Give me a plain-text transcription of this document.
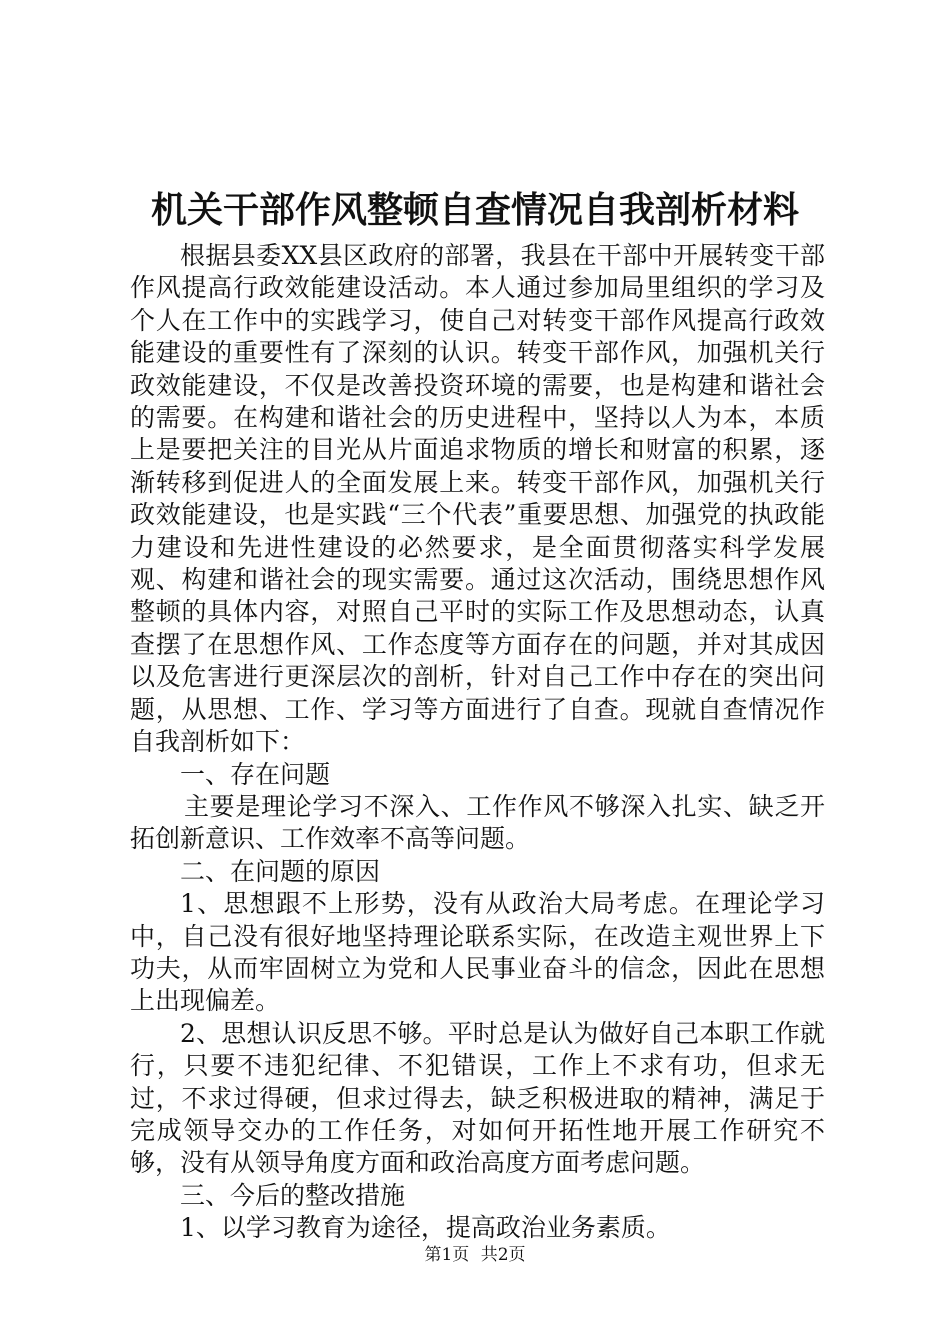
机关干部作风整顿自查情况自我剖析材料

根据县委XX县区政府的部署，我县在干部中开展转变干部作风提高行政效能建设活动。本人通过参加局里组织的学习及个人在工作中的实践学习，使自己对转变干部作风提高行政效能建设的重要性有了深刻的认识。转变干部作风，加强机关行政效能建设，不仅是改善投资环境的需要，也是构建和谐社会的需要。在构建和谐社会的历史进程中，坚持以人为本，本质上是要把关注的目光从片面追求物质的增长和财富的积累，逐渐转移到促进人的全面发展上来。转变干部作风，加强机关行政效能建设，也是实践“三个代表”重要思想、加强党的执政能力建设和先进性建设的必然要求，是全面贯彻落实科学发展观、构建和谐社会的现实需要。通过这次活动，围绕思想作风整顿的具体内容，对照自己平时的实际工作及思想动态，认真查摆了在思想作风、工作态度等方面存在的问题，并对其成因以及危害进行更深层次的剖析，针对自己工作中存在的突出问题，从思想、工作、学习等方面进行了自查。现就自查情况作自我剖析如下：

一、存在问题

主要是理论学习不深入、工作作风不够深入扎实、缺乏开拓创新意识、工作效率不高等问题。

二、在问题的原因

1、思想跟不上形势，没有从政治大局考虑。在理论学习中，自己没有很好地坚持理论联系实际，在改造主观世界上下功夫，从而牢固树立为党和人民事业奋斗的信念，因此在思想上出现偏差。

2、思想认识反思不够。平时总是认为做好自己本职工作就行，只要不违犯纪律、不犯错误，工作上不求有功，但求无过，不求过得硬，但求过得去，缺乏积极进取的精神，满足于完成领导交办的工作任务，对如何开拓性地开展工作研究不够，没有从领导角度方面和政治高度方面考虑问题。

三、今后的整改措施

1、以学习教育为途径，提高政治业务素质。

第1页 共2页
